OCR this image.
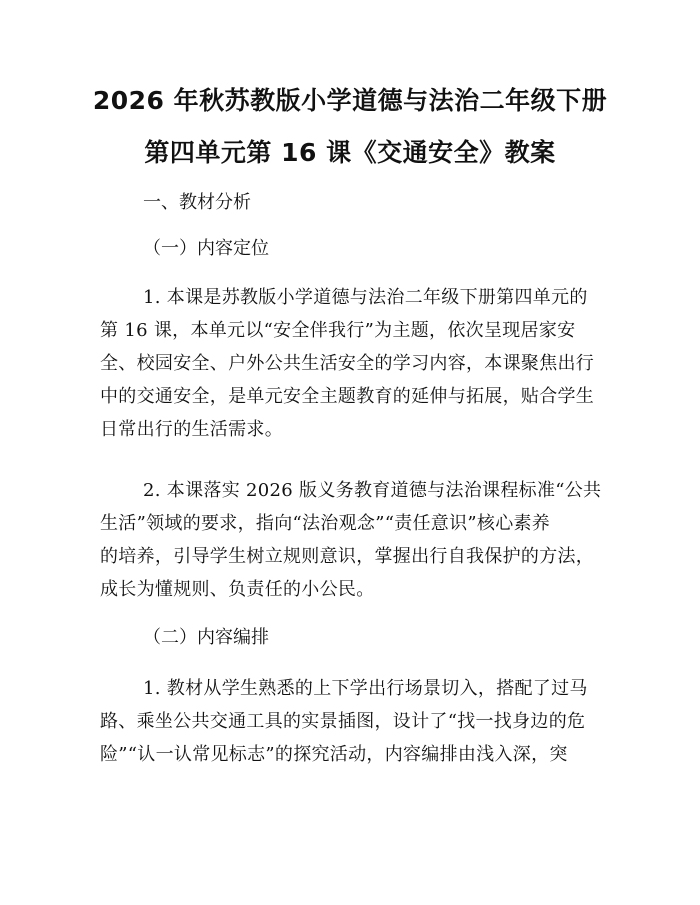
2026 年秋苏教版小学道德与法治二年级下册
第四单元第 16 课《交通安全》教案
一、教材分析
（一）内容定位
1. 本课是苏教版小学道德与法治二年级下册第四单元的
第 16 课，本单元以“安全伴我行”为主题，依次呈现居家安
全、校园安全、户外公共生活安全的学习内容，本课聚焦出行
中的交通安全，是单元安全主题教育的延伸与拓展，贴合学生
日常出行的生活需求。
2. 本课落实 2026 版义务教育道德与法治课程标准“公共
生活”领域的要求，指向“法治观念”“责任意识”核心素养
的培养，引导学生树立规则意识，掌握出行自我保护的方法，
成长为懂规则、负责任的小公民。
（二）内容编排
1. 教材从学生熟悉的上下学出行场景切入，搭配了过马
路、乘坐公共交通工具的实景插图，设计了“找一找身边的危
险”“认一认常见标志”的探究活动，内容编排由浅入深，突
